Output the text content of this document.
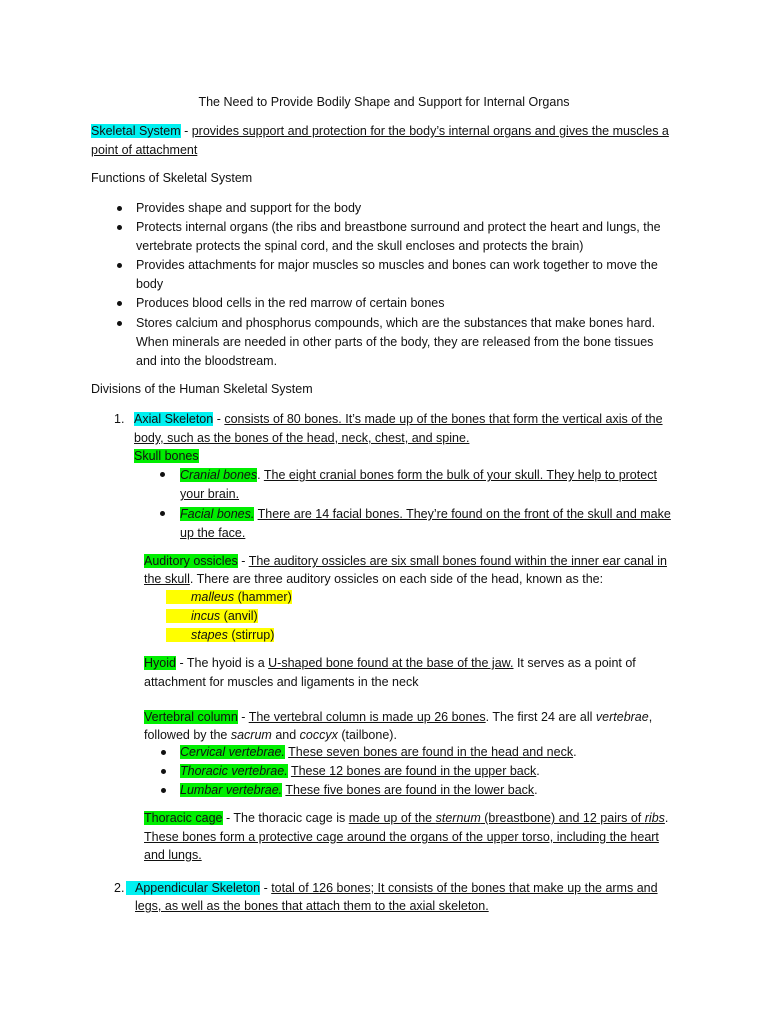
The Need to Provide Bodily Shape and Support for Internal Organs
Skeletal System - provides support and protection for the body’s internal organs and gives the muscles a
point of attachment
Functions of Skeletal System
Provides shape and support for the body
Protects internal organs (the ribs and breastbone surround and protect the heart and lungs, the
vertebrate protects the spinal cord, and the skull encloses and protects the brain)
Provides attachments for major muscles so muscles and bones can work together to move the
body
Produces blood cells in the red marrow of certain bones
Stores calcium and phosphorus compounds, which are the substances that make bones hard.
When minerals are needed in other parts of the body, they are released from the bone tissues
and into the bloodstream.
Divisions of the Human Skeletal System
1. Axial Skeleton - consists of 80 bones. It’s made up of the bones that form the vertical axis of the
body, such as the bones of the head, neck, chest, and spine.
Skull bones
Cranial bones. The eight cranial bones form the bulk of your skull. They help to protect
your brain.
Facial bones. There are 14 facial bones. They’re found on the front of the skull and make
up the face.
Auditory ossicles - The auditory ossicles are six small bones found within the inner ear canal in
the skull. There are three auditory ossicles on each side of the head, known as the:
malleus (hammer)
incus (anvil)
stapes (stirrup)
Hyoid - The hyoid is a U-shaped bone found at the base of the jaw. It serves as a point of
attachment for muscles and ligaments in the neck
Vertebral column - The vertebral column is made up 26 bones. The first 24 are all vertebrae,
followed by the sacrum and coccyx (tailbone).
Cervical vertebrae. These seven bones are found in the head and neck.
Thoracic vertebrae. These 12 bones are found in the upper back.
Lumbar vertebrae. These five bones are found in the lower back.
Thoracic cage - The thoracic cage is made up of the sternum (breastbone) and 12 pairs of ribs.
These bones form a protective cage around the organs of the upper torso, including the heart
and lungs.
2. Appendicular Skeleton - total of 126 bones; It consists of the bones that make up the arms and
legs, as well as the bones that attach them to the axial skeleton.
